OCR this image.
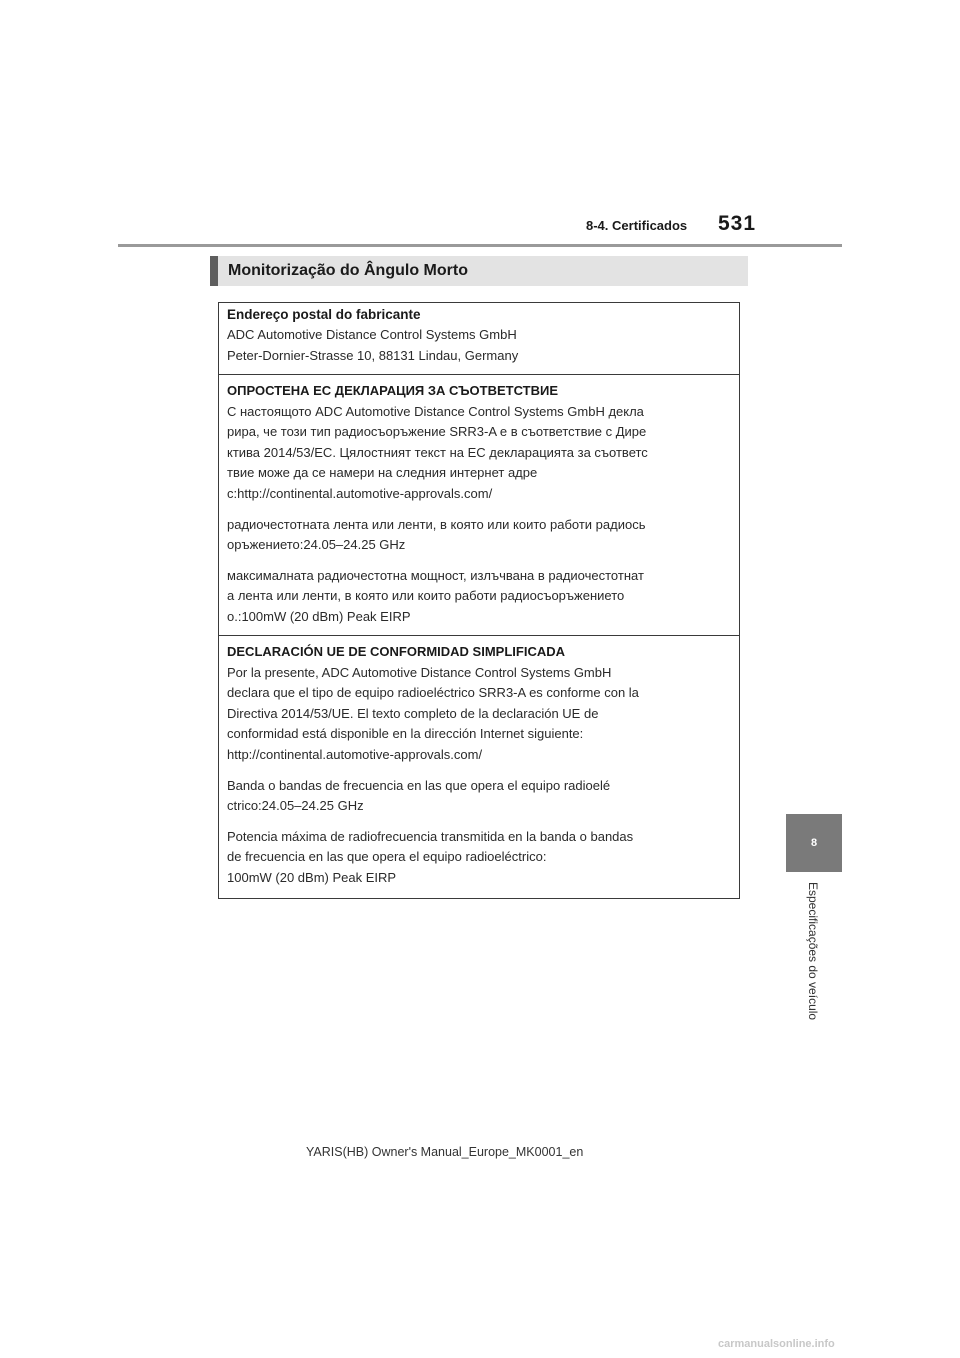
8-4. Certificados 531
Monitorização do Ângulo Morto
Endereço postal do fabricante
ADC Automotive Distance Control Systems GmbH
Peter-Dornier-Strasse 10, 88131 Lindau, Germany
ОПРОСТЕНА ЕС ДЕКЛАРАЦИЯ ЗА СЪОТВЕТСТВИЕ
С настоящото ADC Automotive Distance Control Systems GmbH декла
рира, че този тип радиосъоръжение SRR3-A е в съответствие с Дире
ктива 2014/53/ЕС. Цялостният текст на ЕС декларацията за съответс
твие може да се намери на следния интернет адре
с:http://continental.automotive-approvals.com/
радиочестотната лента или ленти, в която или които работи радиось
оръжението:24.05–24.25 GHz
максималната радиочестотна мощност, излъчвана в радиочестотнат
а лента или ленти, в която или които работи радиосъоръжението
о.:100mW (20 dBm) Peak EIRP
DECLARACIÓN UE DE CONFORMIDAD SIMPLIFICADA
Por la presente, ADC Automotive Distance Control Systems GmbH
declara que el tipo de equipo radioeléctrico SRR3-A es conforme con la
Directiva 2014/53/UE. El texto completo de la declaración UE de
conformidad está disponible en la dirección Internet siguiente:
http://continental.automotive-approvals.com/
Banda o bandas de frecuencia en las que opera el equipo radioelé
ctrico:24.05–24.25 GHz
Potencia máxima de radiofrecuencia transmitida en la banda o bandas
de frecuencia en las que opera el equipo radioeléctrico:
100mW (20 dBm) Peak EIRP
8
Especificações do veículo
YARIS(HB) Owner's Manual_Europe_MK0001_en
carmanualsonline.info
